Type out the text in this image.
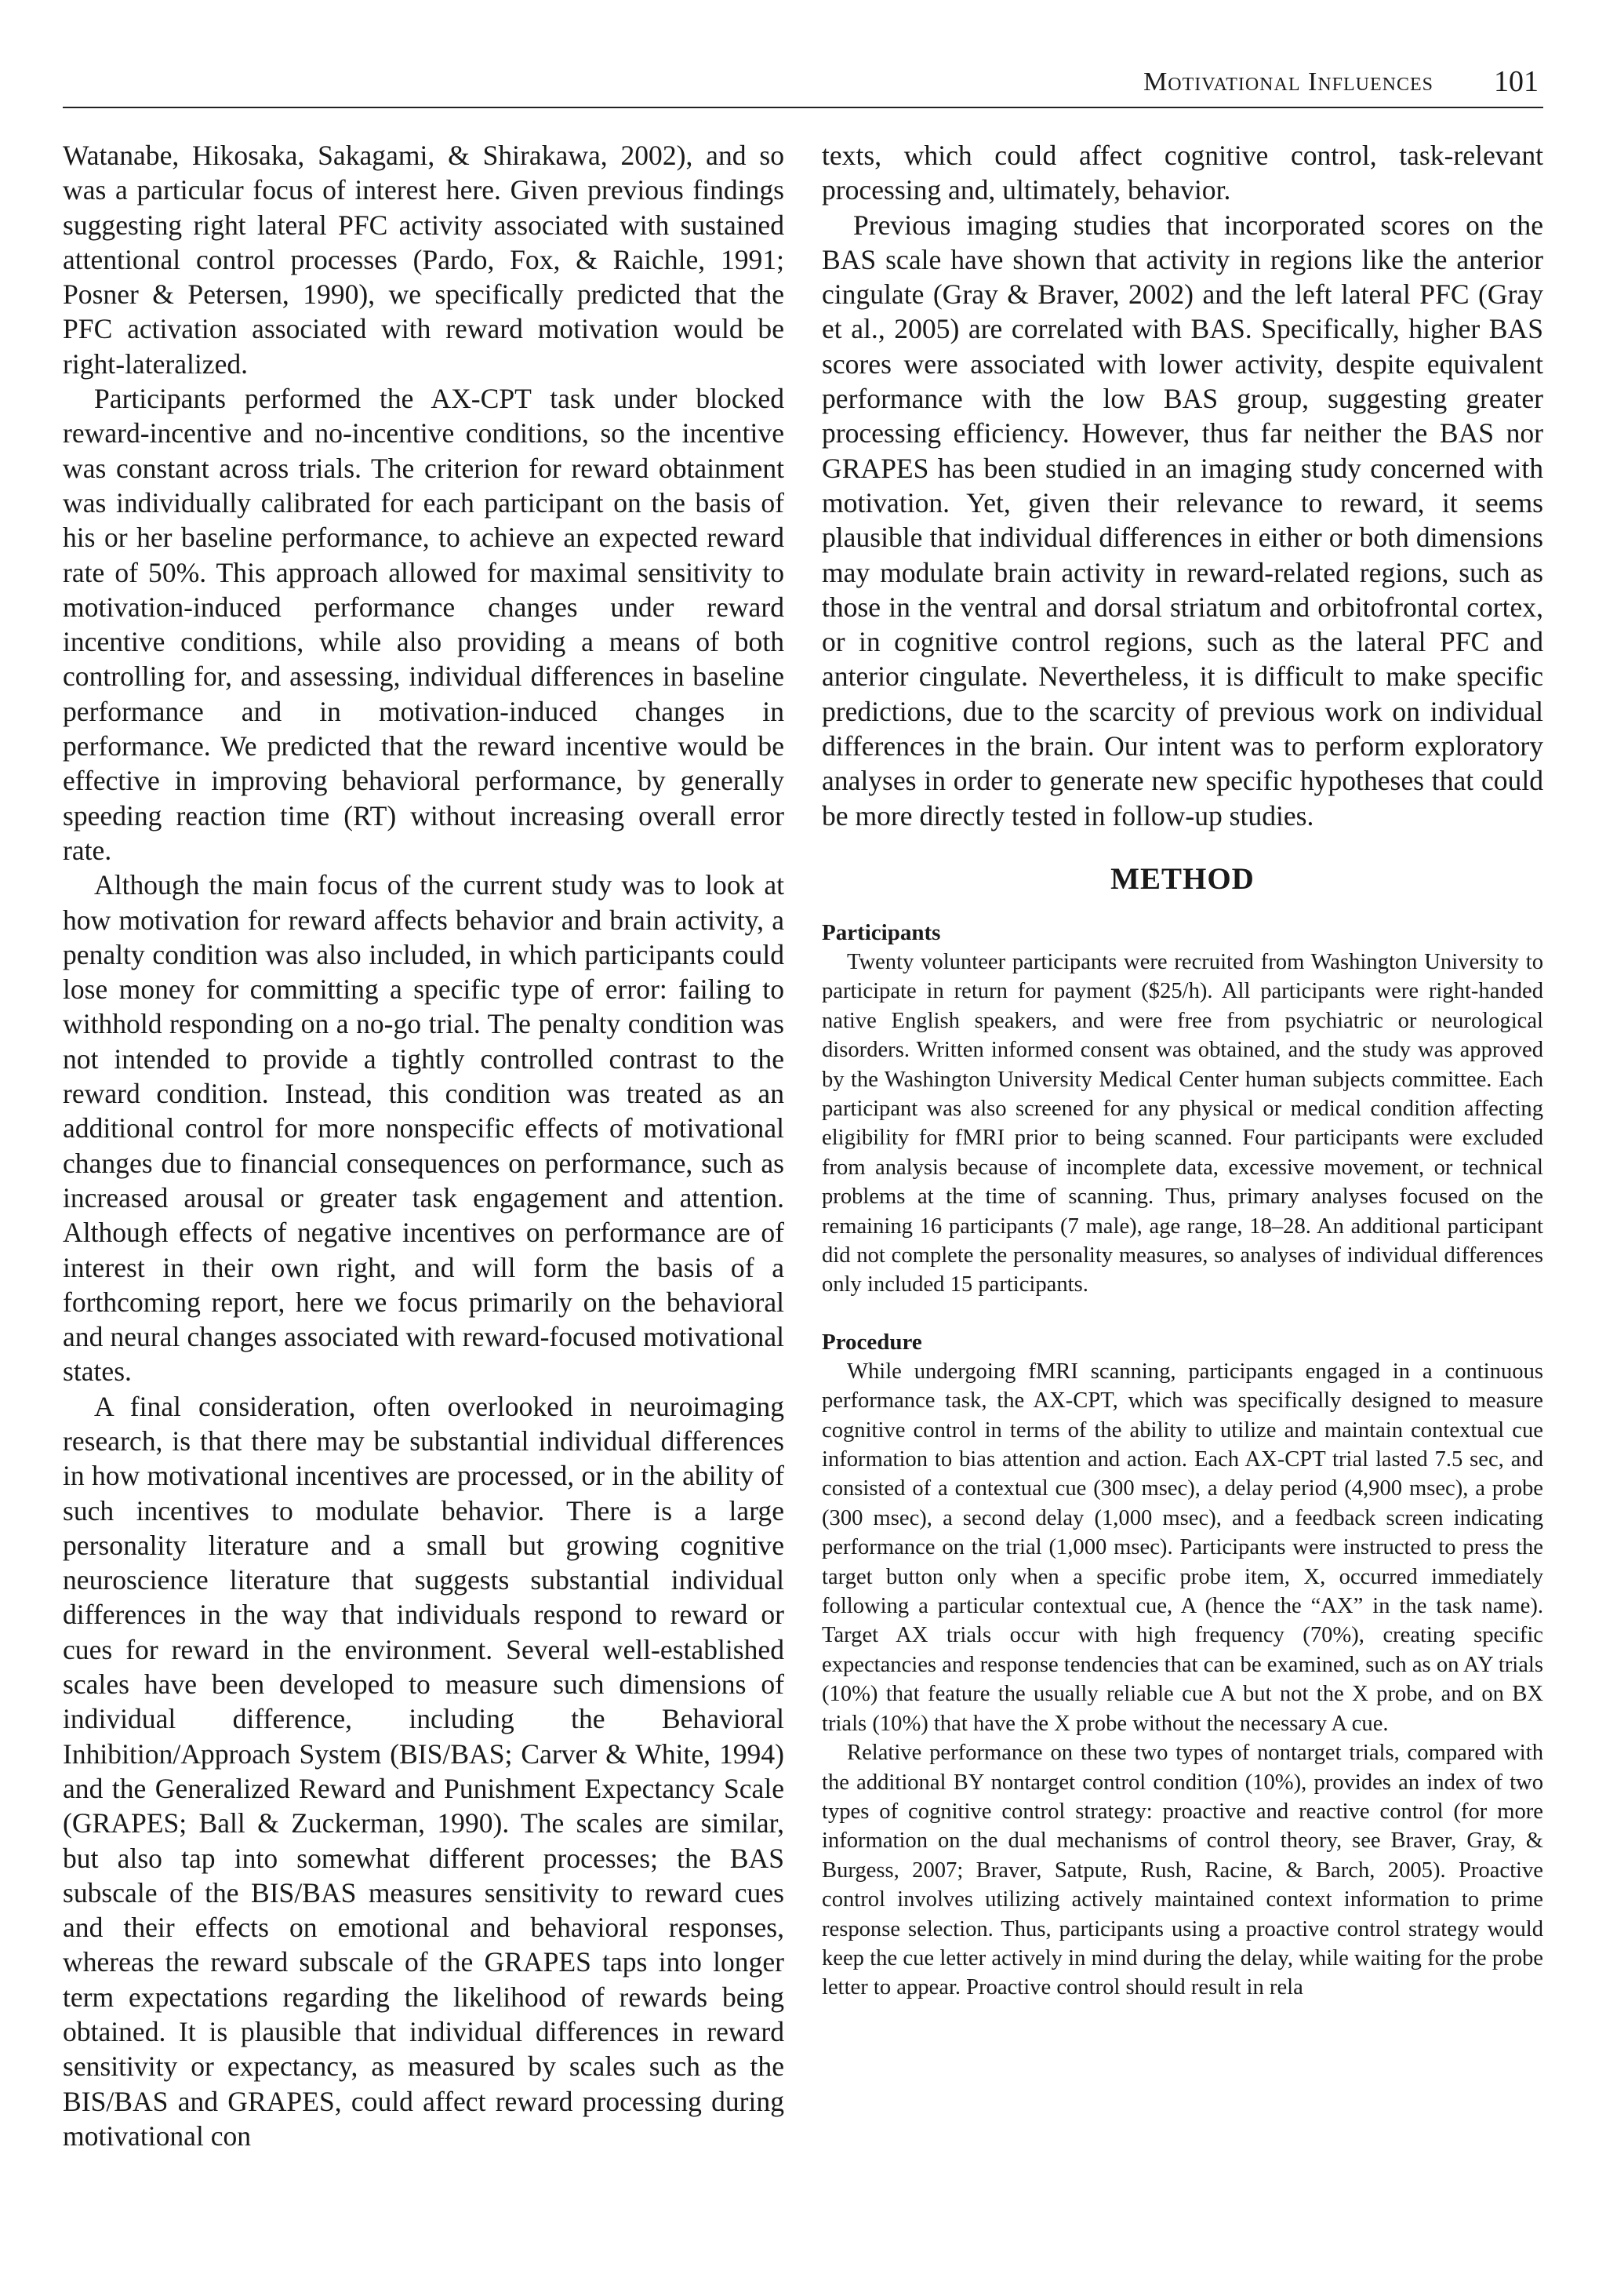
Motivational Influences 101

Watanabe, Hikosaka, Sakagami, & Shirakawa, 2002), and so was a particular focus of interest here. Given previous findings suggesting right lateral PFC activity associated with sustained attentional control processes (Pardo, Fox, & Raichle, 1991; Posner & Petersen, 1990), we specifically predicted that the PFC activation associated with reward motivation would be right-lateralized.

Participants performed the AX-CPT task under blocked reward-incentive and no-incentive conditions, so the incentive was constant across trials. The criterion for reward obtainment was individually calibrated for each participant on the basis of his or her baseline performance, to achieve an expected reward rate of 50%. This approach allowed for maximal sensitivity to motivation-induced performance changes under reward incentive conditions, while also providing a means of both controlling for, and assessing, individual differences in baseline performance and in motivation-induced changes in performance. We predicted that the reward incentive would be effective in improving behavioral performance, by generally speeding reaction time (RT) without increasing overall error rate.

Although the main focus of the current study was to look at how motivation for reward affects behavior and brain activity, a penalty condition was also included, in which participants could lose money for committing a specific type of error: failing to withhold responding on a no-go trial. The penalty condition was not intended to provide a tightly controlled contrast to the reward condition. Instead, this condition was treated as an additional control for more nonspecific effects of motivational changes due to financial consequences on performance, such as increased arousal or greater task engagement and attention. Although effects of negative incentives on performance are of interest in their own right, and will form the basis of a forthcoming report, here we focus primarily on the behavioral and neural changes associated with reward-focused motivational states.

A final consideration, often overlooked in neuroimaging research, is that there may be substantial individual differences in how motivational incentives are processed, or in the ability of such incentives to modulate behavior. There is a large personality literature and a small but growing cognitive neuroscience literature that suggests substantial individual differences in the way that individuals respond to reward or cues for reward in the environment. Several well-established scales have been developed to measure such dimensions of individual difference, including the Behavioral Inhibition/Approach System (BIS/BAS; Carver & White, 1994) and the Generalized Reward and Punishment Expectancy Scale (GRAPES; Ball & Zuckerman, 1990). The scales are similar, but also tap into somewhat different processes; the BAS subscale of the BIS/BAS measures sensitivity to reward cues and their effects on emotional and behavioral responses, whereas the reward subscale of the GRAPES taps into longer term expectations regarding the likelihood of rewards being obtained. It is plausible that individual differences in reward sensitivity or expectancy, as measured by scales such as the BIS/BAS and GRAPES, could affect reward processing during motivational con

texts, which could affect cognitive control, task-relevant processing and, ultimately, behavior.

Previous imaging studies that incorporated scores on the BAS scale have shown that activity in regions like the anterior cingulate (Gray & Braver, 2002) and the left lateral PFC (Gray et al., 2005) are correlated with BAS. Specifically, higher BAS scores were associated with lower activity, despite equivalent performance with the low BAS group, suggesting greater processing efficiency. However, thus far neither the BAS nor GRAPES has been studied in an imaging study concerned with motivation. Yet, given their relevance to reward, it seems plausible that individual differences in either or both dimensions may modulate brain activity in reward-related regions, such as those in the ventral and dorsal striatum and orbitofrontal cortex, or in cognitive control regions, such as the lateral PFC and anterior cingulate. Nevertheless, it is difficult to make specific predictions, due to the scarcity of previous work on individual differences in the brain. Our intent was to perform exploratory analyses in order to generate new specific hypotheses that could be more directly tested in follow-up studies.

METHOD

Participants

Twenty volunteer participants were recruited from Washington University to participate in return for payment ($25/h). All participants were right-handed native English speakers, and were free from psychiatric or neurological disorders. Written informed consent was obtained, and the study was approved by the Washington University Medical Center human subjects committee. Each participant was also screened for any physical or medical condition affecting eligibility for fMRI prior to being scanned. Four participants were excluded from analysis because of incomplete data, excessive movement, or technical problems at the time of scanning. Thus, primary analyses focused on the remaining 16 participants (7 male), age range, 18–28. An additional participant did not complete the personality measures, so analyses of individual differences only included 15 participants.

Procedure

While undergoing fMRI scanning, participants engaged in a continuous performance task, the AX-CPT, which was specifically designed to measure cognitive control in terms of the ability to utilize and maintain contextual cue information to bias attention and action. Each AX-CPT trial lasted 7.5 sec, and consisted of a contextual cue (300 msec), a delay period (4,900 msec), a probe (300 msec), a second delay (1,000 msec), and a feedback screen indicating performance on the trial (1,000 msec). Participants were instructed to press the target button only when a specific probe item, X, occurred immediately following a particular contextual cue, A (hence the “AX” in the task name). Target AX trials occur with high frequency (70%), creating specific expectancies and response tendencies that can be examined, such as on AY trials (10%) that feature the usually reliable cue A but not the X probe, and on BX trials (10%) that have the X probe without the necessary A cue.

Relative performance on these two types of nontarget trials, compared with the additional BY nontarget control condition (10%), provides an index of two types of cognitive control strategy: proactive and reactive control (for more information on the dual mechanisms of control theory, see Braver, Gray, & Burgess, 2007; Braver, Satpute, Rush, Racine, & Barch, 2005). Proactive control involves utilizing actively maintained context information to prime response selection. Thus, participants using a proactive control strategy would keep the cue letter actively in mind during the delay, while waiting for the probe letter to appear. Proactive control should result in rela
